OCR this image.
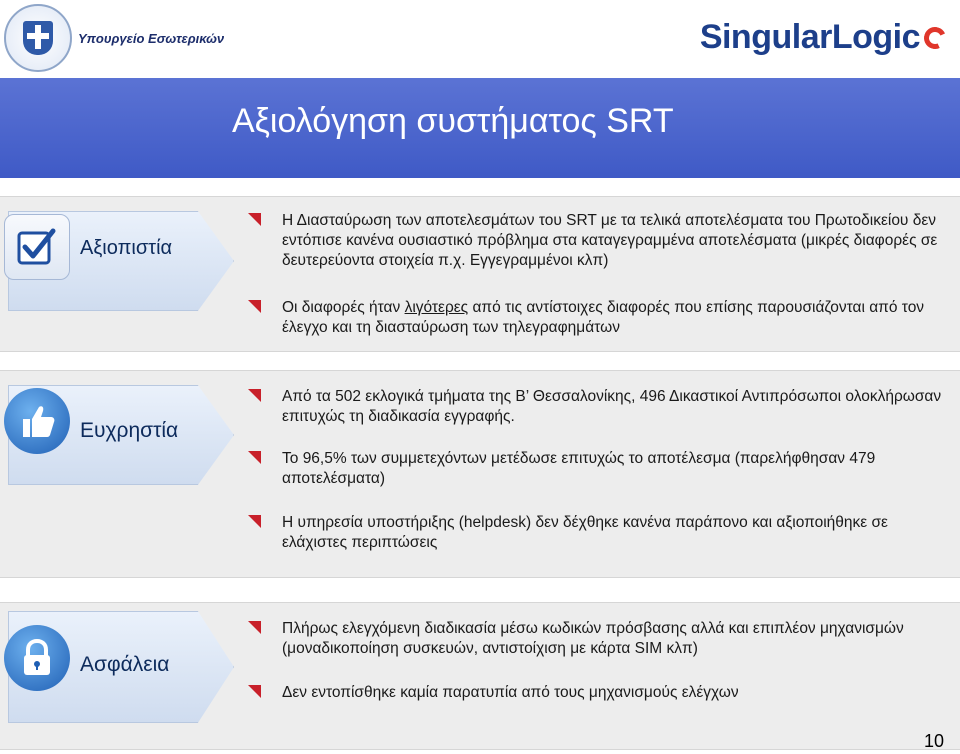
Υπουργείο Εσωτερικών	SingularLogic
Αξιολόγηση συστήματος SRT
Αξιοπιστία
Η Διασταύρωση των αποτελεσμάτων του SRT με τα τελικά αποτελέσματα του Πρωτοδικείου δεν εντόπισε κανένα ουσιαστικό πρόβλημα στα καταγεγραμμένα αποτελέσματα (μικρές διαφορές σε δευτερεύοντα στοιχεία π.χ. Εγγεγραμμένοι κλπ)
Οι διαφορές ήταν λιγότερες από τις αντίστοιχες διαφορές που επίσης παρουσιάζονται από τον έλεγχο και τη διασταύρωση των τηλεγραφημάτων
Ευχρηστία
Από τα 502 εκλογικά τμήματα της Β’ Θεσσαλονίκης, 496 Δικαστικοί Αντιπρόσωποι ολοκλήρωσαν επιτυχώς τη διαδικασία εγγραφής.
Το 96,5% των συμμετεχόντων μετέδωσε επιτυχώς το αποτέλεσμα (παρελήφθησαν 479 αποτελέσματα)
Η υπηρεσία υποστήριξης (helpdesk) δεν δέχθηκε κανένα παράπονο και αξιοποιήθηκε σε ελάχιστες περιπτώσεις
Ασφάλεια
Πλήρως ελεγχόμενη διαδικασία μέσω κωδικών πρόσβασης αλλά και επιπλέον μηχανισμών (μοναδικοποίηση συσκευών, αντιστοίχιση με κάρτα SIM κλπ)
Δεν εντοπίσθηκε καμία παρατυπία από τους μηχανισμούς ελέγχων
10
